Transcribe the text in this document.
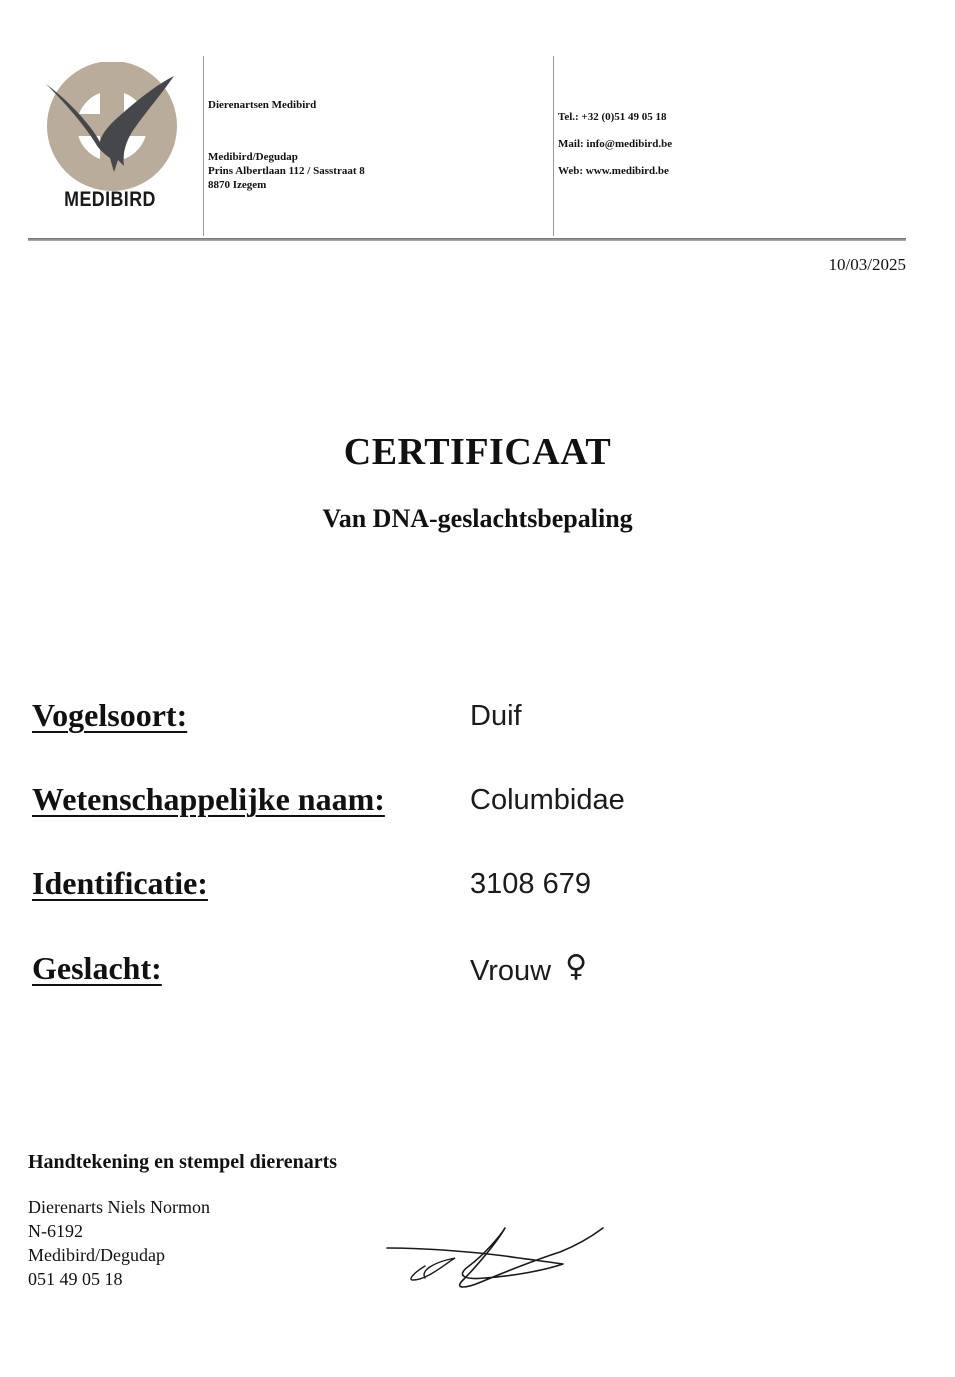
MEDIBIRD
Dierenartsen Medibird
Medibird/Degudap
Prins Albertlaan 112 / Sasstraat 8
8870 Izegem
Tel.: +32 (0)51 49 05 18
Mail: info@medibird.be
Web: www.medibird.be
10/03/2025
CERTIFICAAT
Van DNA-geslachtsbepaling
Vogelsoort:	Duif
Wetenschappelijke naam:	Columbidae
Identificatie:	3108 679
Geslacht:	Vrouw ♀
Handtekening en stempel dierenarts
Dierenarts Niels Normon
N-6192
Medibird/Degudap
051 49 05 18
